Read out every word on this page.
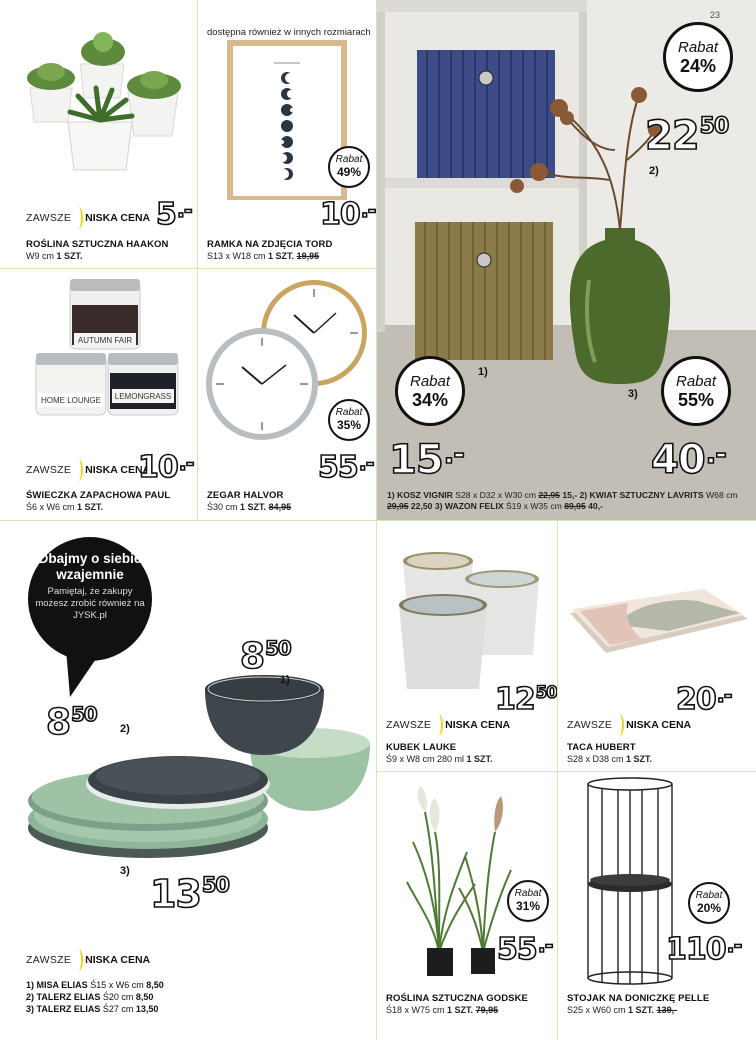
ZAWSZE NISKA CENA 5.-
ROŚLINA SZTUCZNA HAAKON
W9 cm 1 SZT.
dostępna również w innych rozmiarach
Rabat
49%
10.-
RAMKA NA ZDJĘCIA TORD
S13 x W18 cm 1 SZT. 19,95
AUTUMN FAIR
HOME LOUNGE LEMONGRASS
ZAWSZE NISKA CENA
10.-
ŚWIECZKA ZAPACHOWA PAUL
Ś6 x W6 cm 1 SZT.
Rabat
35%
55.-
ZEGAR HALVOR
Ś30 cm 1 SZT. 84,95
23
Rabat
24%
$22^{50}$
2)
Rabat
34%
15.-
1)
Rabat
55%
40.-
3)
1) KOSZ VIGNIR S28 x D32 x W30 cm 22,95 15,- 2) KWIAT SZTUCZNY LAVRITS W68 cm 29,95 22,50 3) WAZON FELIX Ś19 x W35 cm 89,95 40,-
Dbajmy o siebie wzajemnie
Pamiętaj, że zakupy możesz zrobić również na JYSK.pl
$8^{50}$
1)
$8^{50}$
2)
3)
$13^{50}$
ZAWSZE NISKA CENA
1) MISA ELIAS Ś15 x W6 cm 8,50
2) TALERZ ELIAS Ś20 cm 8,50
3) TALERZ ELIAS Ś27 cm 13,50
$12^{50}$
ZAWSZE NISKA CENA
KUBEK LAUKE
Ś9 x W8 cm 280 ml 1 SZT.
20.-
ZAWSZE NISKA CENA
TACA HUBERT
S28 x D38 cm 1 SZT.
Rabat
31%
55.-
ROŚLINA SZTUCZNA GODSKE
Ś18 x W75 cm 1 SZT. 79,95
Rabat
20%
110.-
STOJAK NA DONICZKĘ PELLE
S25 x W60 cm 1 SZT. 139,-
